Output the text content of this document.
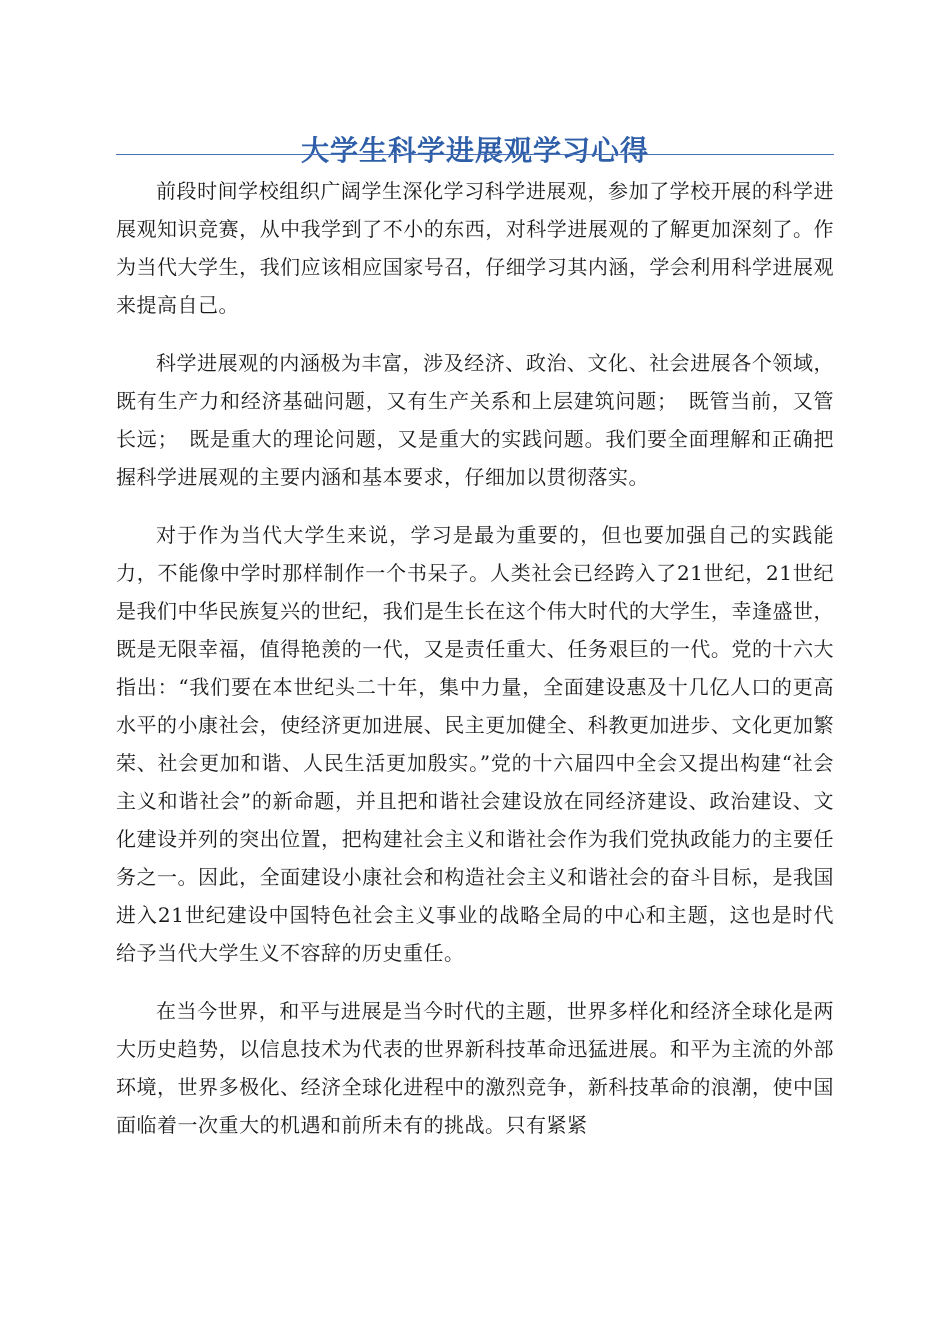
大学生科学进展观学习心得

前段时间学校组织广阔学生深化学习科学进展观，参加了学校开展的科学进展观知识竞赛，从中我学到了不小的东西，对科学进展观的了解更加深刻了。作为当代大学生，我们应该相应国家号召，仔细学习其内涵，学会利用科学进展观来提高自己。

科学进展观的内涵极为丰富，涉及经济、政治、文化、社会进展各个领域，既有生产力和经济基础问题，又有生产关系和上层建筑问题；　既管当前，又管长远；　既是重大的理论问题，又是重大的实践问题。我们要全面理解和正确把握科学进展观的主要内涵和基本要求，仔细加以贯彻落实。

对于作为当代大学生来说，学习是最为重要的，但也要加强自己的实践能力，不能像中学时那样制作一个书呆子。人类社会已经跨入了21世纪，21世纪是我们中华民族复兴的世纪，我们是生长在这个伟大时代的大学生，幸逢盛世，既是无限幸福，值得艳羡的一代，又是责任重大、任务艰巨的一代。党的十六大指出：“我们要在本世纪头二十年，集中力量，全面建设惠及十几亿人口的更高水平的小康社会，使经济更加进展、民主更加健全、科教更加进步、文化更加繁荣、社会更加和谐、人民生活更加殷实。”党的十六届四中全会又提出构建“社会主义和谐社会”的新命题，并且把和谐社会建设放在同经济建设、政治建设、文化建设并列的突出位置，把构建社会主义和谐社会作为我们党执政能力的主要任务之一。因此，全面建设小康社会和构造社会主义和谐社会的奋斗目标，是我国进入21世纪建设中国特色社会主义事业的战略全局的中心和主题，这也是时代给予当代大学生义不容辞的历史重任。

在当今世界，和平与进展是当今时代的主题，世界多样化和经济全球化是两大历史趋势，以信息技术为代表的世界新科技革命迅猛进展。和平为主流的外部环境，世界多极化、经济全球化进程中的激烈竞争，新科技革命的浪潮，使中国面临着一次重大的机遇和前所未有的挑战。只有紧紧
